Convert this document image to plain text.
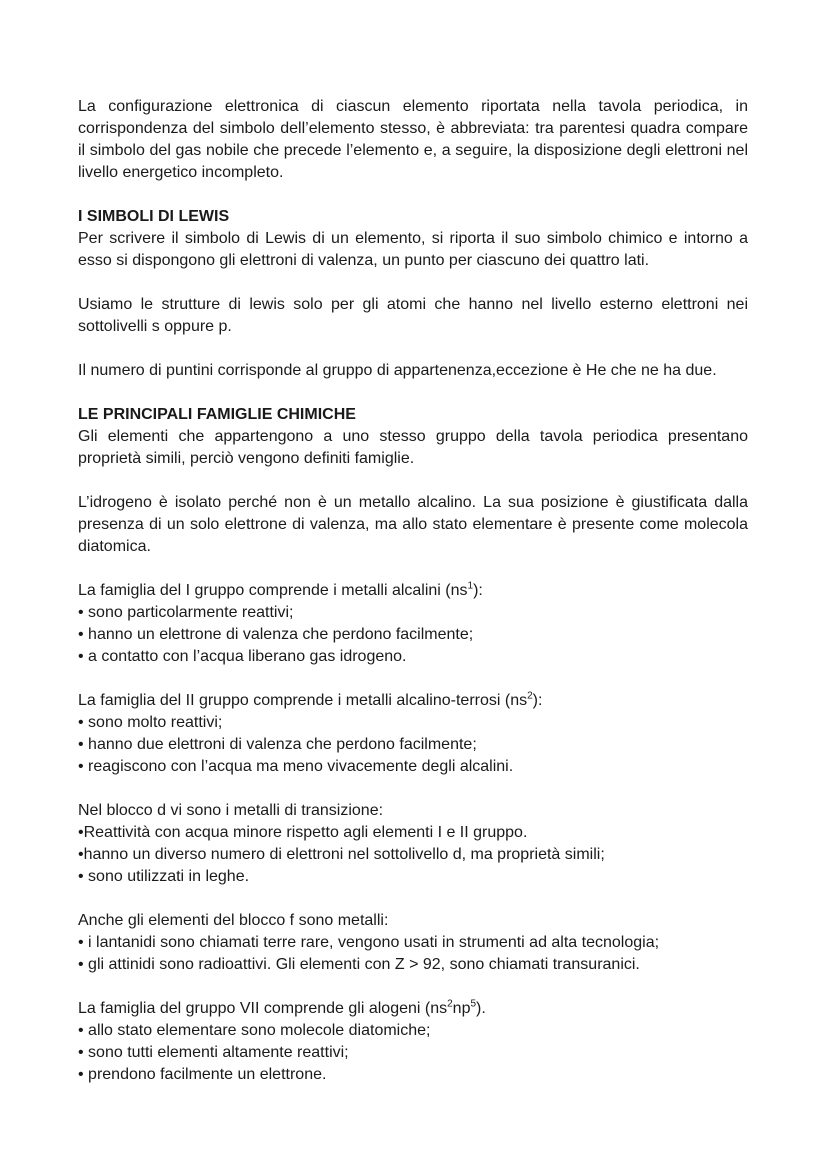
La configurazione elettronica di ciascun elemento riportata nella tavola periodica, in corrispondenza del simbolo dell’elemento stesso, è abbreviata: tra parentesi quadra compare il simbolo del gas nobile che precede l’elemento e, a seguire, la disposizione degli elettroni nel livello energetico incompleto.

I SIMBOLI DI LEWIS

Per scrivere il simbolo di Lewis di un elemento, si riporta il suo simbolo chimico e intorno a esso si dispongono gli elettroni di valenza, un punto per ciascuno dei quattro lati.

Usiamo le strutture di lewis solo per gli atomi che hanno nel livello esterno elettroni nei sottolivelli s oppure p.

Il numero di puntini corrisponde al gruppo di appartenenza,eccezione è He che ne ha due.

LE PRINCIPALI FAMIGLIE CHIMICHE

Gli elementi che appartengono a uno stesso gruppo della tavola periodica presentano proprietà simili, perciò vengono definiti famiglie.

L’idrogeno è isolato perché non è un metallo alcalino. La sua posizione è giustificata dalla presenza di un solo elettrone di valenza, ma allo stato elementare è presente come molecola diatomica.

La famiglia del I gruppo comprende i metalli alcalini $(ns^1)$:

• sono particolarmente reattivi;
• hanno un elettrone di valenza che perdono facilmente;
• a contatto con l’acqua liberano gas idrogeno.

La famiglia del II gruppo comprende i metalli alcalino-terrosi $(ns^2)$:

• sono molto reattivi;
• hanno due elettroni di valenza che perdono facilmente;
• reagiscono con l’acqua ma meno vivacemente degli alcalini.

Nel blocco d vi sono i metalli di transizione:

•Reattività con acqua minore rispetto agli elementi I e II gruppo.
•hanno un diverso numero di elettroni nel sottolivello d, ma proprietà simili;
• sono utilizzati in leghe.

Anche gli elementi del blocco f sono metalli:

• i lantanidi sono chiamati terre rare, vengono usati in strumenti ad alta tecnologia;
• gli attinidi sono radioattivi. Gli elementi con Z > 92, sono chiamati transuranici.

La famiglia del gruppo VII comprende gli alogeni $(ns^2np^5)$.

• allo stato elementare sono molecole diatomiche;
• sono tutti elementi altamente reattivi;
• prendono facilmente un elettrone.
